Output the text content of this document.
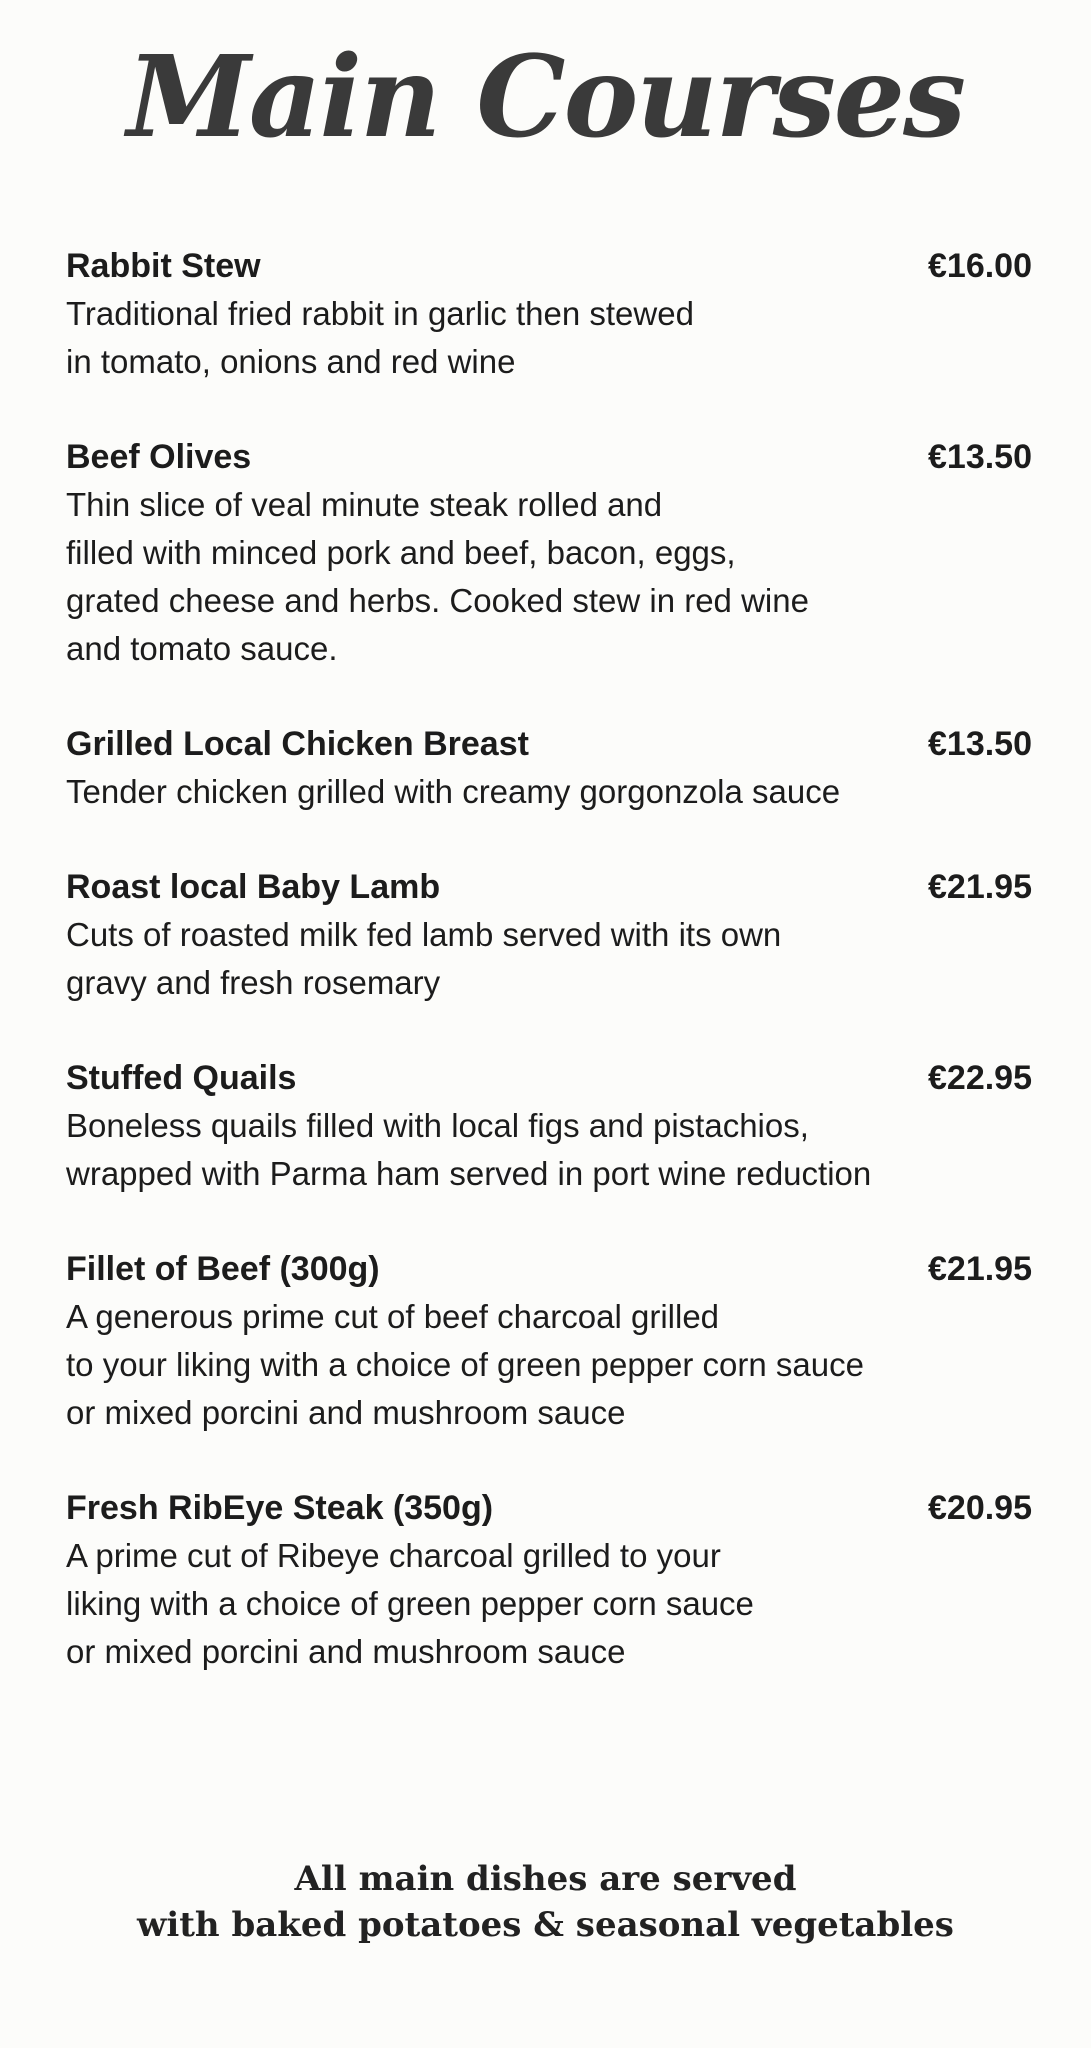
Main Courses
Rabbit Stew	€16.00
Traditional fried rabbit in garlic then stewed
in tomato, onions and red wine
Beef Olives	€13.50
Thin slice of veal minute steak rolled and
filled with minced pork and beef, bacon, eggs,
grated cheese and herbs. Cooked stew in red wine
and tomato sauce.
Grilled Local Chicken Breast	€13.50
Tender chicken grilled with creamy gorgonzola sauce
Roast local Baby Lamb	€21.95
Cuts of roasted milk fed lamb served with its own
gravy and fresh rosemary
Stuffed Quails	€22.95
Boneless quails filled with local figs and pistachios,
wrapped with Parma ham served in port wine reduction
Fillet of Beef (300g)	€21.95
A generous prime cut of beef charcoal grilled
to your liking with a choice of green pepper corn sauce
or mixed porcini and mushroom sauce
Fresh RibEye Steak (350g)	€20.95
A prime cut of Ribeye charcoal grilled to your
liking with a choice of green pepper corn sauce
or mixed porcini and mushroom sauce
All main dishes are served
with baked potatoes & seasonal vegetables
